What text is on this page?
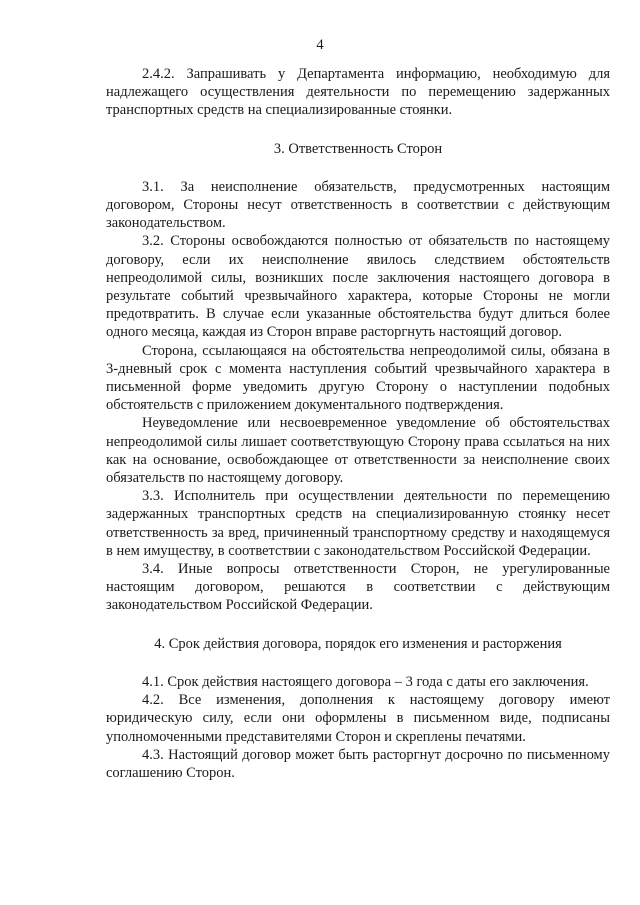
4

2.4.2. Запрашивать у Департамента информацию, необходимую для надлежащего осуществления деятельности по перемещению задержанных транспортных средств на специализированные стоянки.

3. Ответственность Сторон

3.1. За неисполнение обязательств, предусмотренных настоящим договором, Стороны несут ответственность в соответствии с действующим законодательством.

3.2. Стороны освобождаются полностью от обязательств по настоящему договору, если их неисполнение явилось следствием обстоятельств непреодолимой силы, возникших после заключения настоящего договора в результате событий чрезвычайного характера, которые Стороны не могли предотвратить. В случае если указанные обстоятельства будут длиться более одного месяца, каждая из Сторон вправе расторгнуть настоящий договор.

Сторона, ссылающаяся на обстоятельства непреодолимой силы, обязана в 3-дневный срок с момента наступления событий чрезвычайного характера в письменной форме уведомить другую Сторону о наступлении подобных обстоятельств с приложением документального подтверждения.

Неуведомление или несвоевременное уведомление об обстоятельствах непреодолимой силы лишает соответствующую Сторону права ссылаться на них как на основание, освобождающее от ответственности за неисполнение своих обязательств по настоящему договору.

3.3. Исполнитель при осуществлении деятельности по перемещению задержанных транспортных средств на специализированную стоянку несет ответственность за вред, причиненный транспортному средству и находящемуся в нем имуществу, в соответствии с законодательством Российской Федерации.

3.4. Иные вопросы ответственности Сторон, не урегулированные настоящим договором, решаются в соответствии с действующим законодательством Российской Федерации.

4. Срок действия договора, порядок его изменения и расторжения

4.1. Срок действия настоящего договора – 3 года с даты его заключения.

4.2. Все изменения, дополнения к настоящему договору имеют юридическую силу, если они оформлены в письменном виде, подписаны уполномоченными представителями Сторон и скреплены печатями.

4.3. Настоящий договор может быть расторгнут досрочно по письменному соглашению Сторон.
